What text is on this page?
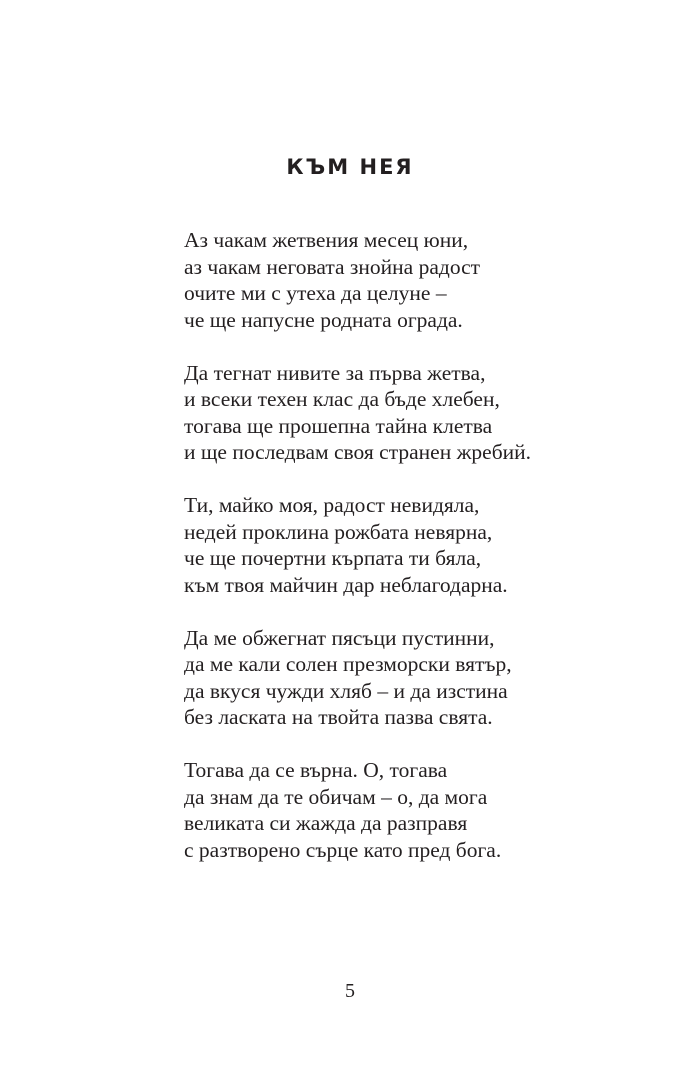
КЪМ НЕЯ
Аз чакам жетвения месец юни,
аз чакам неговата знойна радост
очите ми с утеха да целуне –
че ще напусне родната ограда.
Да тегнат нивите за първа жетва,
и всеки техен клас да бъде хлебен,
тогава ще прошепна тайна клетва
и ще последвам своя странен жребий.
Ти, майко моя, радост невидяла,
недей проклина рожбата невярна,
че ще почертни кърпата ти бяла,
към твоя майчин дар неблагодарна.
Да ме обжегнат пясъци пустинни,
да ме кали солен презморски вятър,
да вкуся чужди хляб – и да изстина
без ласката на твойта пазва свята.
Тогава да се върна. О, тогава
да знам да те обичам – о, да мога
великата си жажда да разправя
с разтворено сърце като пред бога.
5
